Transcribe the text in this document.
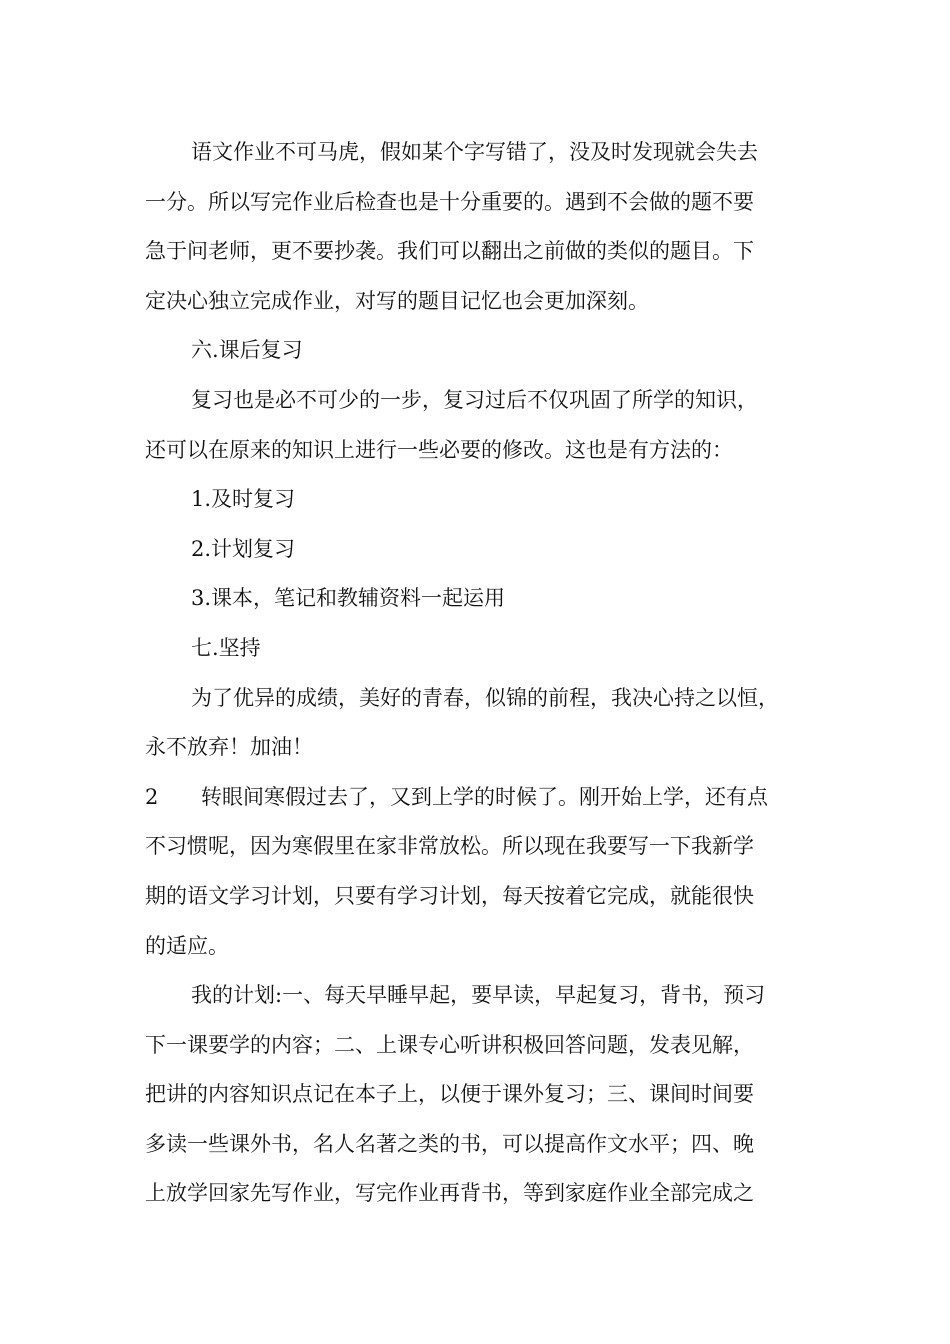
语文作业不可马虎，假如某个字写错了，没及时发现就会失去
一分。所以写完作业后检查也是十分重要的。遇到不会做的题不要
急于问老师，更不要抄袭。我们可以翻出之前做的类似的题目。下
定决心独立完成作业，对写的题目记忆也会更加深刻。
六.课后复习
复习也是必不可少的一步，复习过后不仅巩固了所学的知识，
还可以在原来的知识上进行一些必要的修改。这也是有方法的：
1.及时复习
2.计划复习
3.课本，笔记和教辅资料一起运用
七.坚持
为了优异的成绩，美好的青春，似锦的前程，我决心持之以恒，
永不放弃！加油！
2 转眼间寒假过去了，又到上学的时候了。刚开始上学，还有点
不习惯呢，因为寒假里在家非常放松。所以现在我要写一下我新学
期的语文学习计划，只要有学习计划，每天按着它完成，就能很快
的适应。
我的计划:一、每天早睡早起，要早读，早起复习，背书，预习
下一课要学的内容；二、上课专心听讲积极回答问题，发表见解，
把讲的内容知识点记在本子上，以便于课外复习；三、课间时间要
多读一些课外书，名人名著之类的书，可以提高作文水平；四、晚
上放学回家先写作业，写完作业再背书，等到家庭作业全部完成之
